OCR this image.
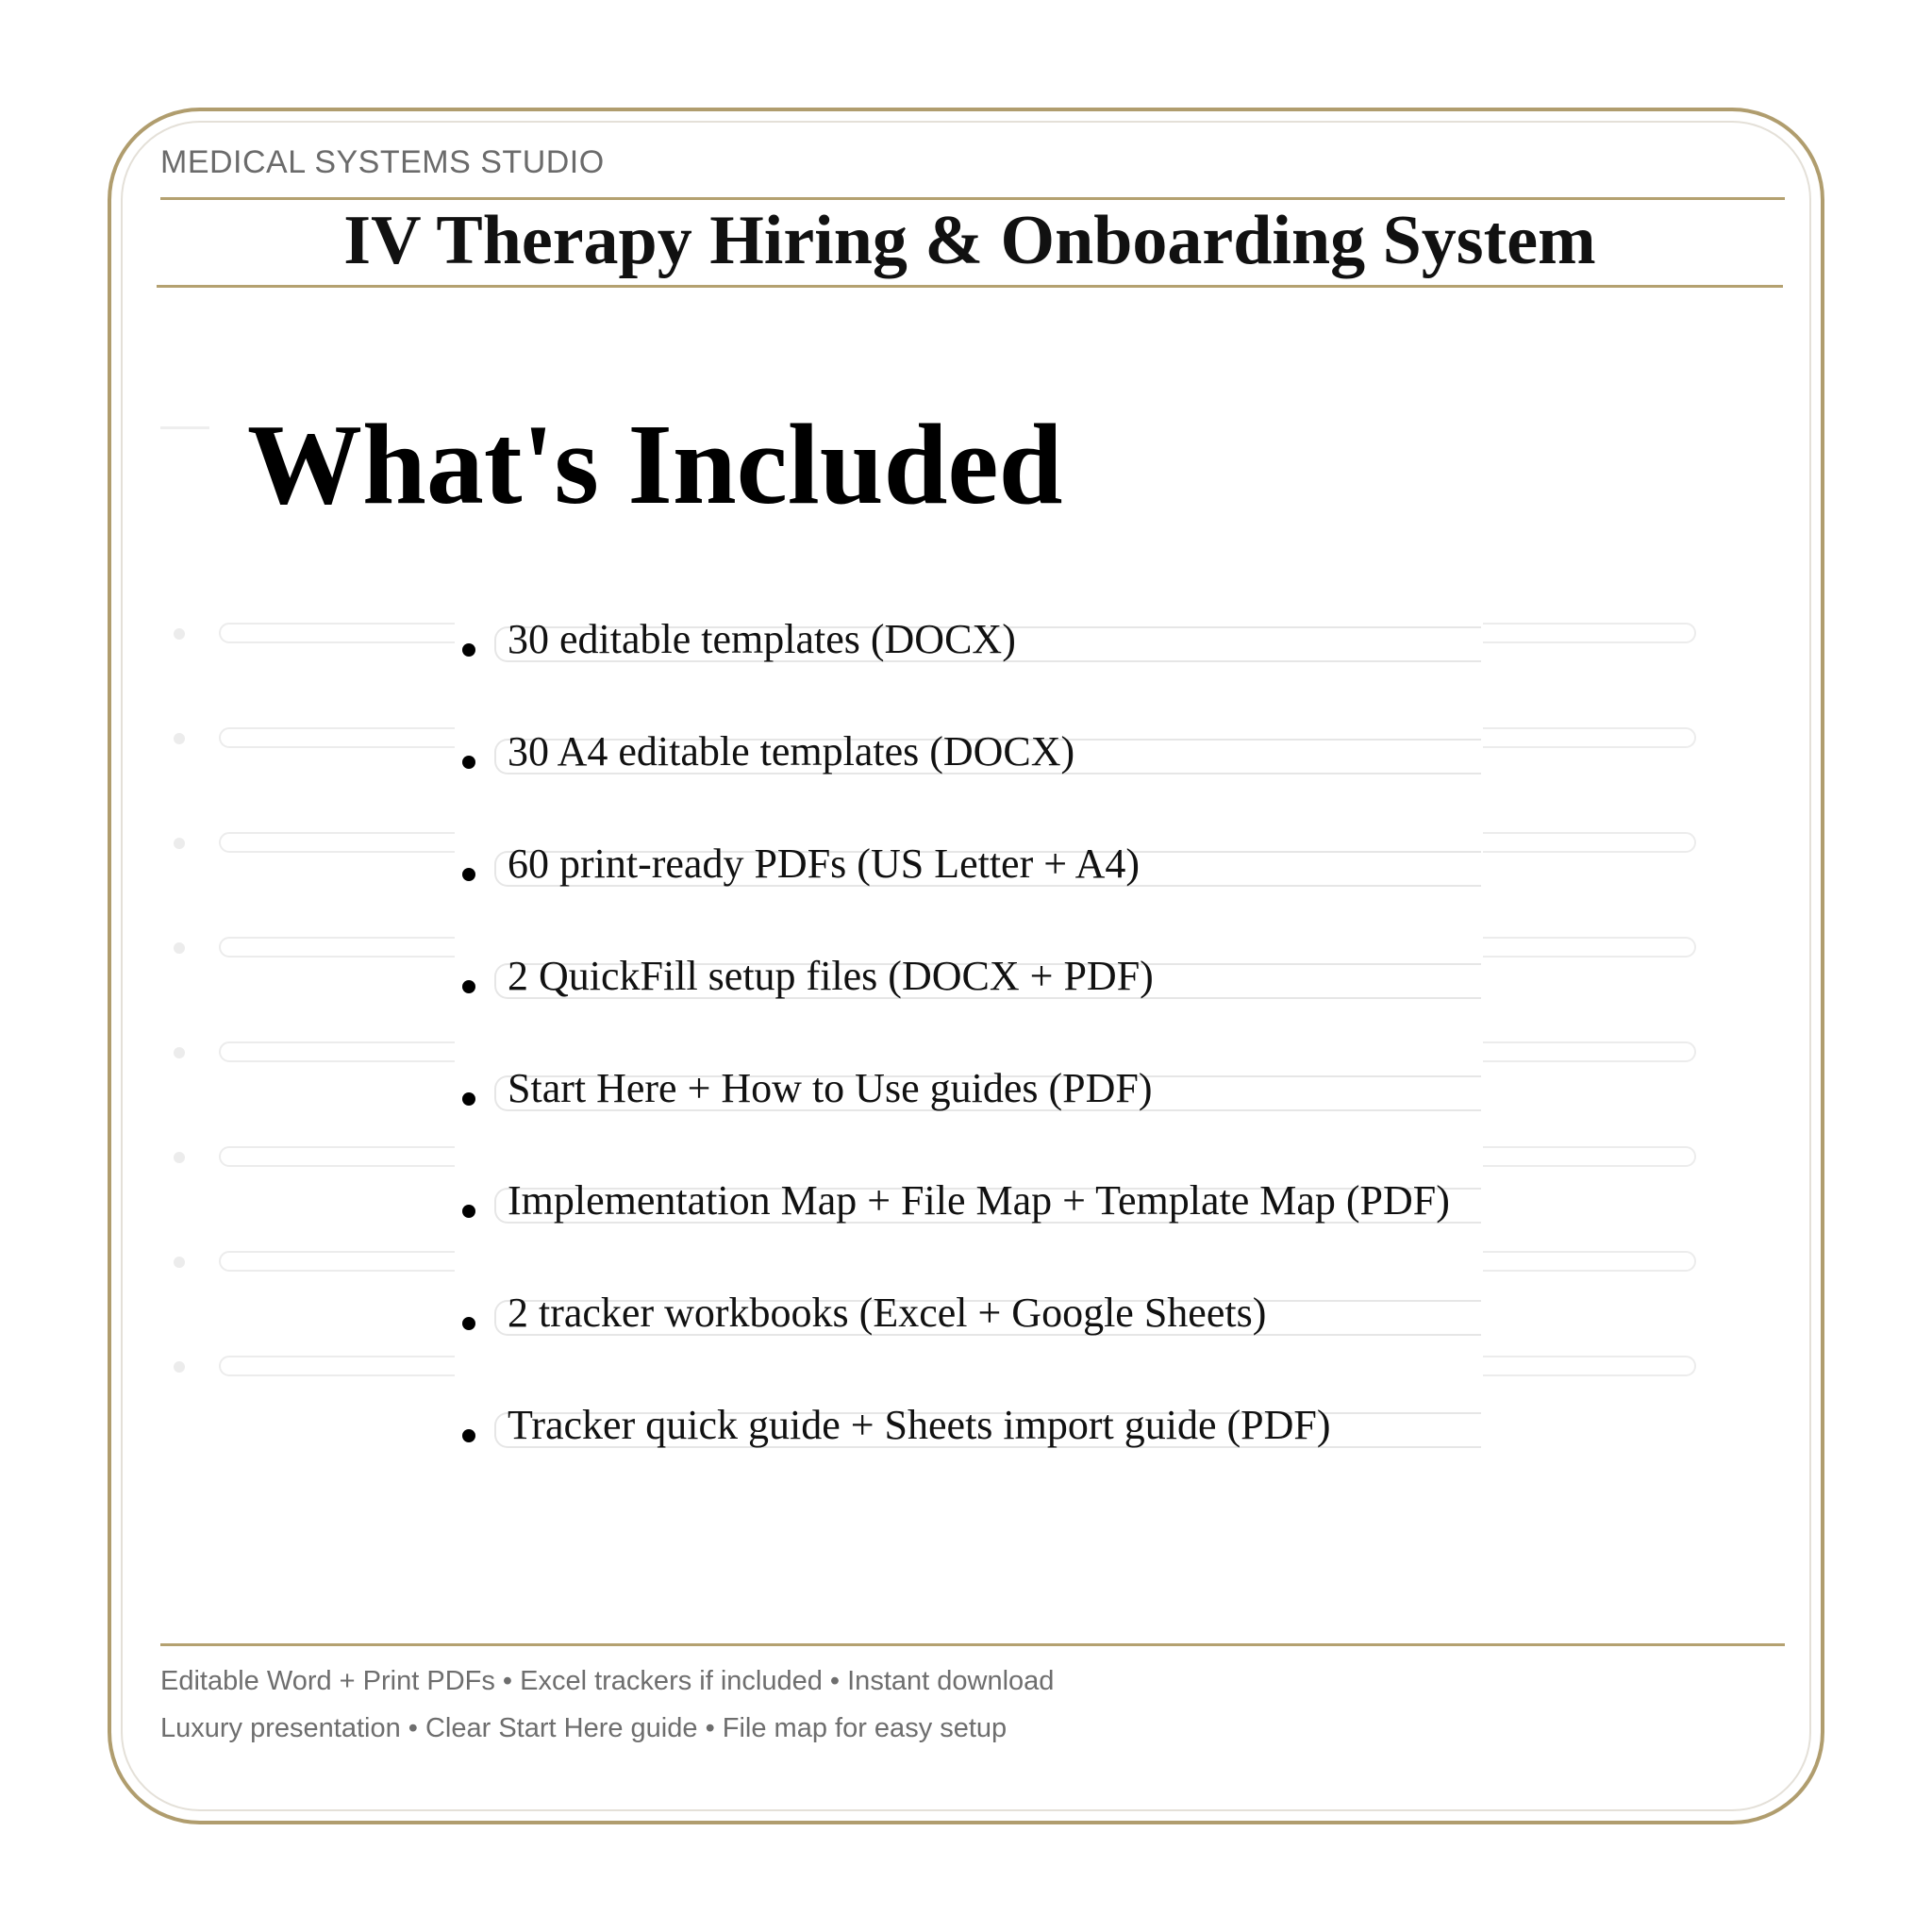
MEDICAL SYSTEMS STUDIO
IV Therapy Hiring & Onboarding System
What's Included
30 editable templates (DOCX)
30 A4 editable templates (DOCX)
60 print-ready PDFs (US Letter + A4)
2 QuickFill setup files (DOCX + PDF)
Start Here + How to Use guides (PDF)
Implementation Map + File Map + Template Map (PDF)
2 tracker workbooks (Excel + Google Sheets)
Tracker quick guide + Sheets import guide (PDF)
Editable Word + Print PDFs • Excel trackers if included • Instant download
Luxury presentation • Clear Start Here guide • File map for easy setup
